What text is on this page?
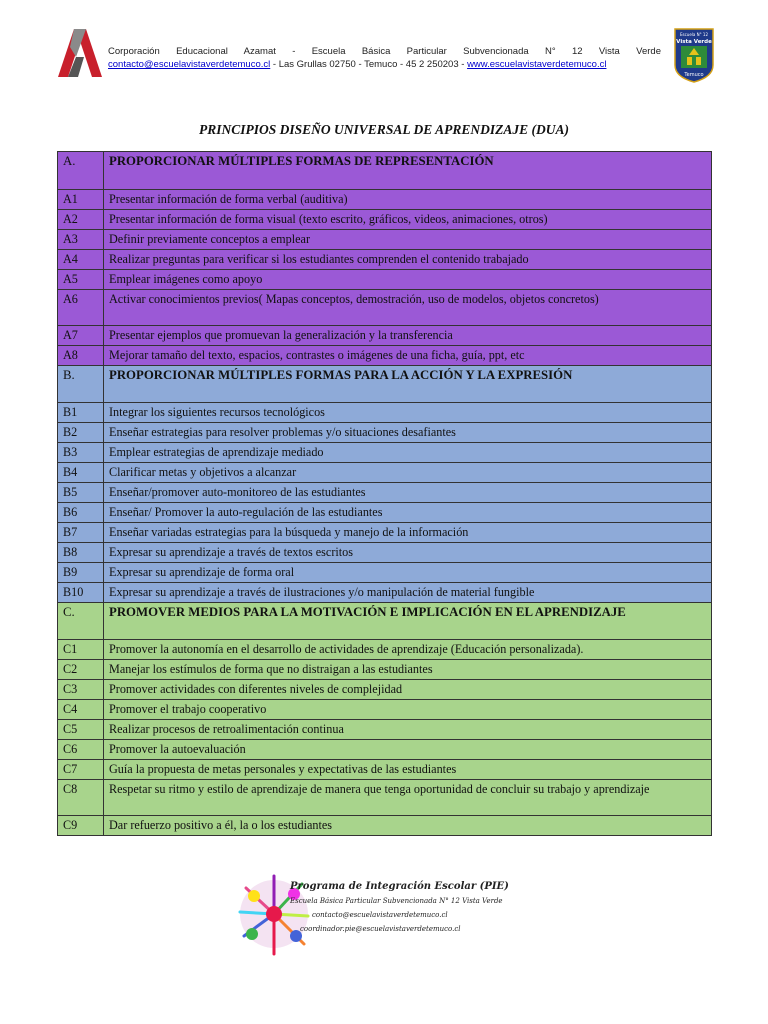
Corporación Educacional Azamat - Escuela Básica Particular Subvencionada N° 12 Vista Verde
contacto@escuelavistaverdetemuco.cl - Las Grullas 02750 - Temuco - 45 2 250203 - www.escuelavistaverdetemuco.cl
Escuela N° 12
Vista Verde
Temuco
PRINCIPIOS DISEÑO UNIVERSAL DE APRENDIZAJE (DUA)
A.	PROPORCIONAR MÚLTIPLES FORMAS DE REPRESENTACIÓN
A1	Presentar información de forma verbal (auditiva)
A2	Presentar información de forma visual (texto escrito, gráficos, videos, animaciones, otros)
A3	Definir previamente conceptos a emplear
A4	Realizar preguntas para verificar si los estudiantes comprenden el contenido trabajado
A5	Emplear imágenes como apoyo
A6	Activar conocimientos previos( Mapas conceptos, demostración, uso de modelos, objetos concretos)
A7	Presentar ejemplos que promuevan la generalización y la transferencia
A8	Mejorar tamaño del texto, espacios, contrastes o imágenes de una ficha, guía, ppt, etc
B.	PROPORCIONAR MÚLTIPLES FORMAS PARA LA ACCIÓN Y LA EXPRESIÓN
B1	Integrar los siguientes recursos tecnológicos
B2	Enseñar estrategias para resolver problemas y/o situaciones desafiantes
B3	Emplear estrategias de aprendizaje mediado
B4	Clarificar metas y objetivos a alcanzar
B5	Enseñar/promover auto-monitoreo de las estudiantes
B6	Enseñar/ Promover la auto-regulación de las estudiantes
B7	Enseñar variadas estrategias para la búsqueda y manejo de la información
B8	Expresar su aprendizaje a través de textos escritos
B9	Expresar su aprendizaje de forma oral
B10	Expresar su aprendizaje a través de ilustraciones y/o manipulación de material fungible
C.	PROMOVER MEDIOS PARA LA MOTIVACIÓN E IMPLICACIÓN EN EL APRENDIZAJE
C1	Promover la autonomía en el desarrollo de actividades de aprendizaje (Educación personalizada).
C2	Manejar los estímulos de forma que no distraigan a las estudiantes
C3	Promover actividades con diferentes niveles de complejidad
C4	Promover el trabajo cooperativo
C5	Realizar procesos de retroalimentación continua
C6	Promover la autoevaluación
C7	Guía la propuesta de metas personales y expectativas de las estudiantes
C8	Respetar su ritmo y estilo de aprendizaje de manera que tenga oportunidad de concluir su trabajo y aprendizaje
C9	Dar refuerzo positivo a él, la o los estudiantes
Programa de Integración Escolar (PIE)
Escuela Básica Particular Subvencionada N° 12 Vista Verde
contacto@escuelavistaverdetemuco.cl
coordinador.pie@escuelavistaverdetemuco.cl
